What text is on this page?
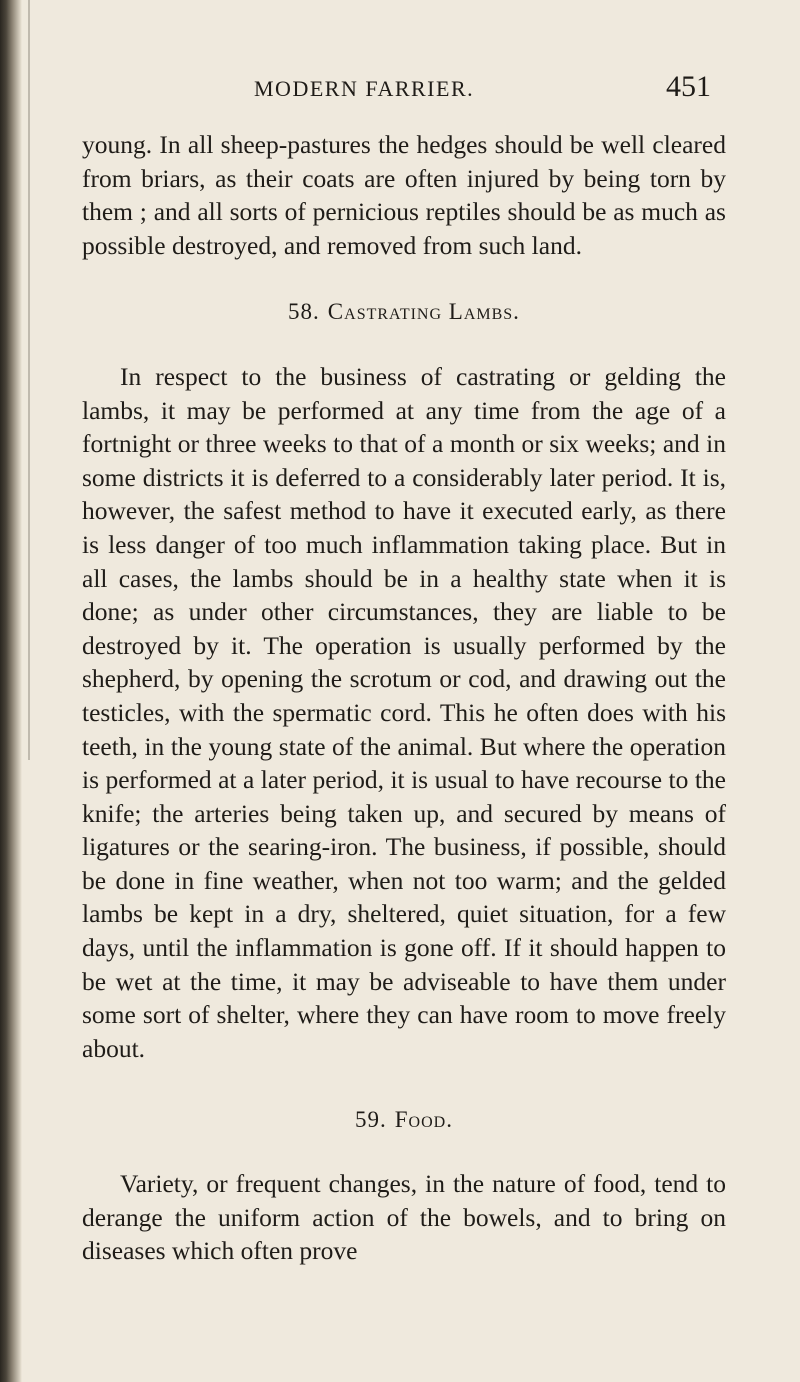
MODERN FARRIER.	451

young. In all sheep-pastures the hedges should be well cleared from briars, as their coats are often injured by being torn by them ; and all sorts of pernicious reptiles should be as much as possible destroyed, and removed from such land.

58. Castrating Lambs.

In respect to the business of castrating or gelding the lambs, it may be performed at any time from the age of a fortnight or three weeks to that of a month or six weeks; and in some districts it is deferred to a considerably later period. It is, however, the safest method to have it executed early, as there is less danger of too much inflammation taking place. But in all cases, the lambs should be in a healthy state when it is done; as under other circumstances, they are liable to be destroyed by it. The operation is usually performed by the shepherd, by opening the scrotum or cod, and drawing out the testicles, with the spermatic cord. This he often does with his teeth, in the young state of the animal. But where the operation is performed at a later period, it is usual to have recourse to the knife; the arteries being taken up, and secured by means of ligatures or the searing-iron. The business, if possible, should be done in fine weather, when not too warm; and the gelded lambs be kept in a dry, sheltered, quiet situation, for a few days, until the inflammation is gone off. If it should happen to be wet at the time, it may be adviseable to have them under some sort of shelter, where they can have room to move freely about.

59. Food.

Variety, or frequent changes, in the nature of food, tend to derange the uniform action of the bowels, and to bring on diseases which often prove
